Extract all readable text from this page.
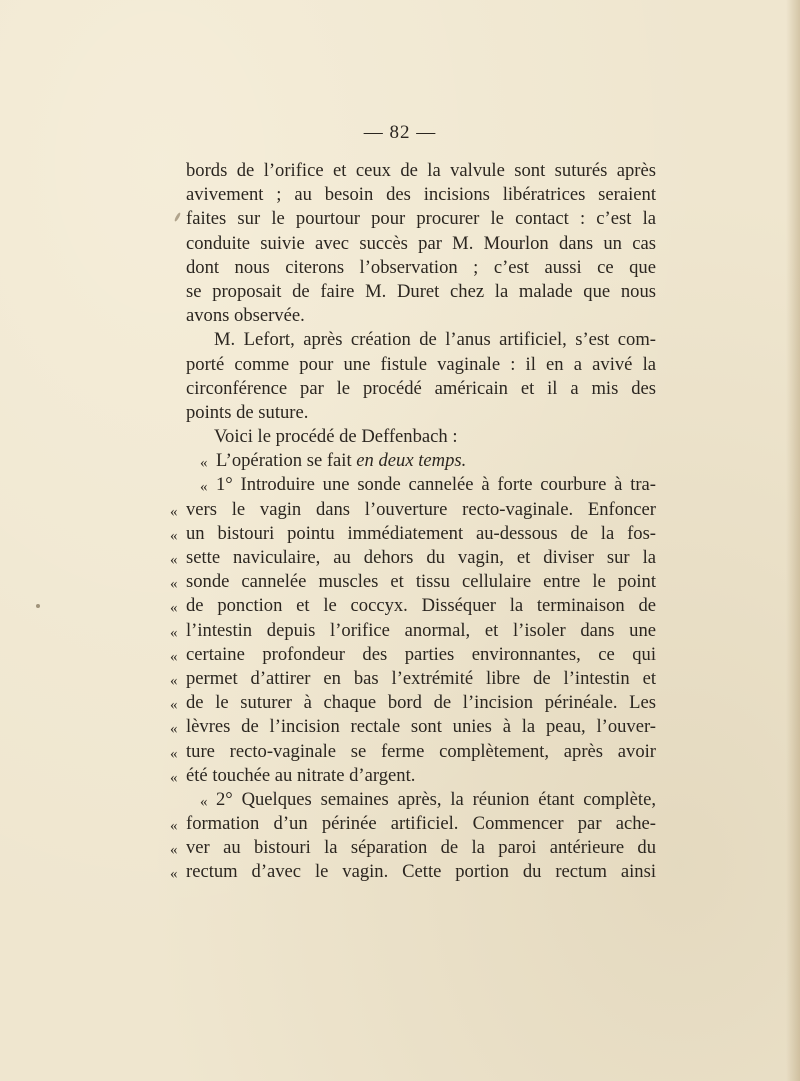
— 82 —
bords de l’orifice et ceux de la valvule sont suturés après
avivement ; au besoin des incisions libératrices seraient
faites sur le pourtour pour procurer le contact : c’est la
conduite suivie avec succès par M. Mourlon dans un cas
dont nous citerons l’observation ; c’est aussi ce que
se proposait de faire M. Duret chez la malade que nous
avons observée.
M. Lefort, après création de l’anus artificiel, s’est com-
porté comme pour une fistule vaginale : il en a avivé la
circonférence par le procédé américain et il a mis des
points de suture.
Voici le procédé de Deffenbach :
« L’opération se fait en deux temps.
« 1° Introduire une sonde cannelée à forte courbure à tra-
« vers le vagin dans l’ouverture recto-vaginale. Enfoncer
« un bistouri pointu immédiatement au-dessous de la fos-
« sette naviculaire, au dehors du vagin, et diviser sur la
« sonde cannelée muscles et tissu cellulaire entre le point
« de ponction et le coccyx. Disséquer la terminaison de
« l’intestin depuis l’orifice anormal, et l’isoler dans une
« certaine profondeur des parties environnantes, ce qui
« permet d’attirer en bas l’extrémité libre de l’intestin et
« de le suturer à chaque bord de l’incision périnéale. Les
« lèvres de l’incision rectale sont unies à la peau, l’ouver-
« ture recto-vaginale se ferme complètement, après avoir
« été touchée au nitrate d’argent.
« 2° Quelques semaines après, la réunion étant complète,
« formation d’un périnée artificiel. Commencer par ache-
« ver au bistouri la séparation de la paroi antérieure du
« rectum d’avec le vagin. Cette portion du rectum ainsi
